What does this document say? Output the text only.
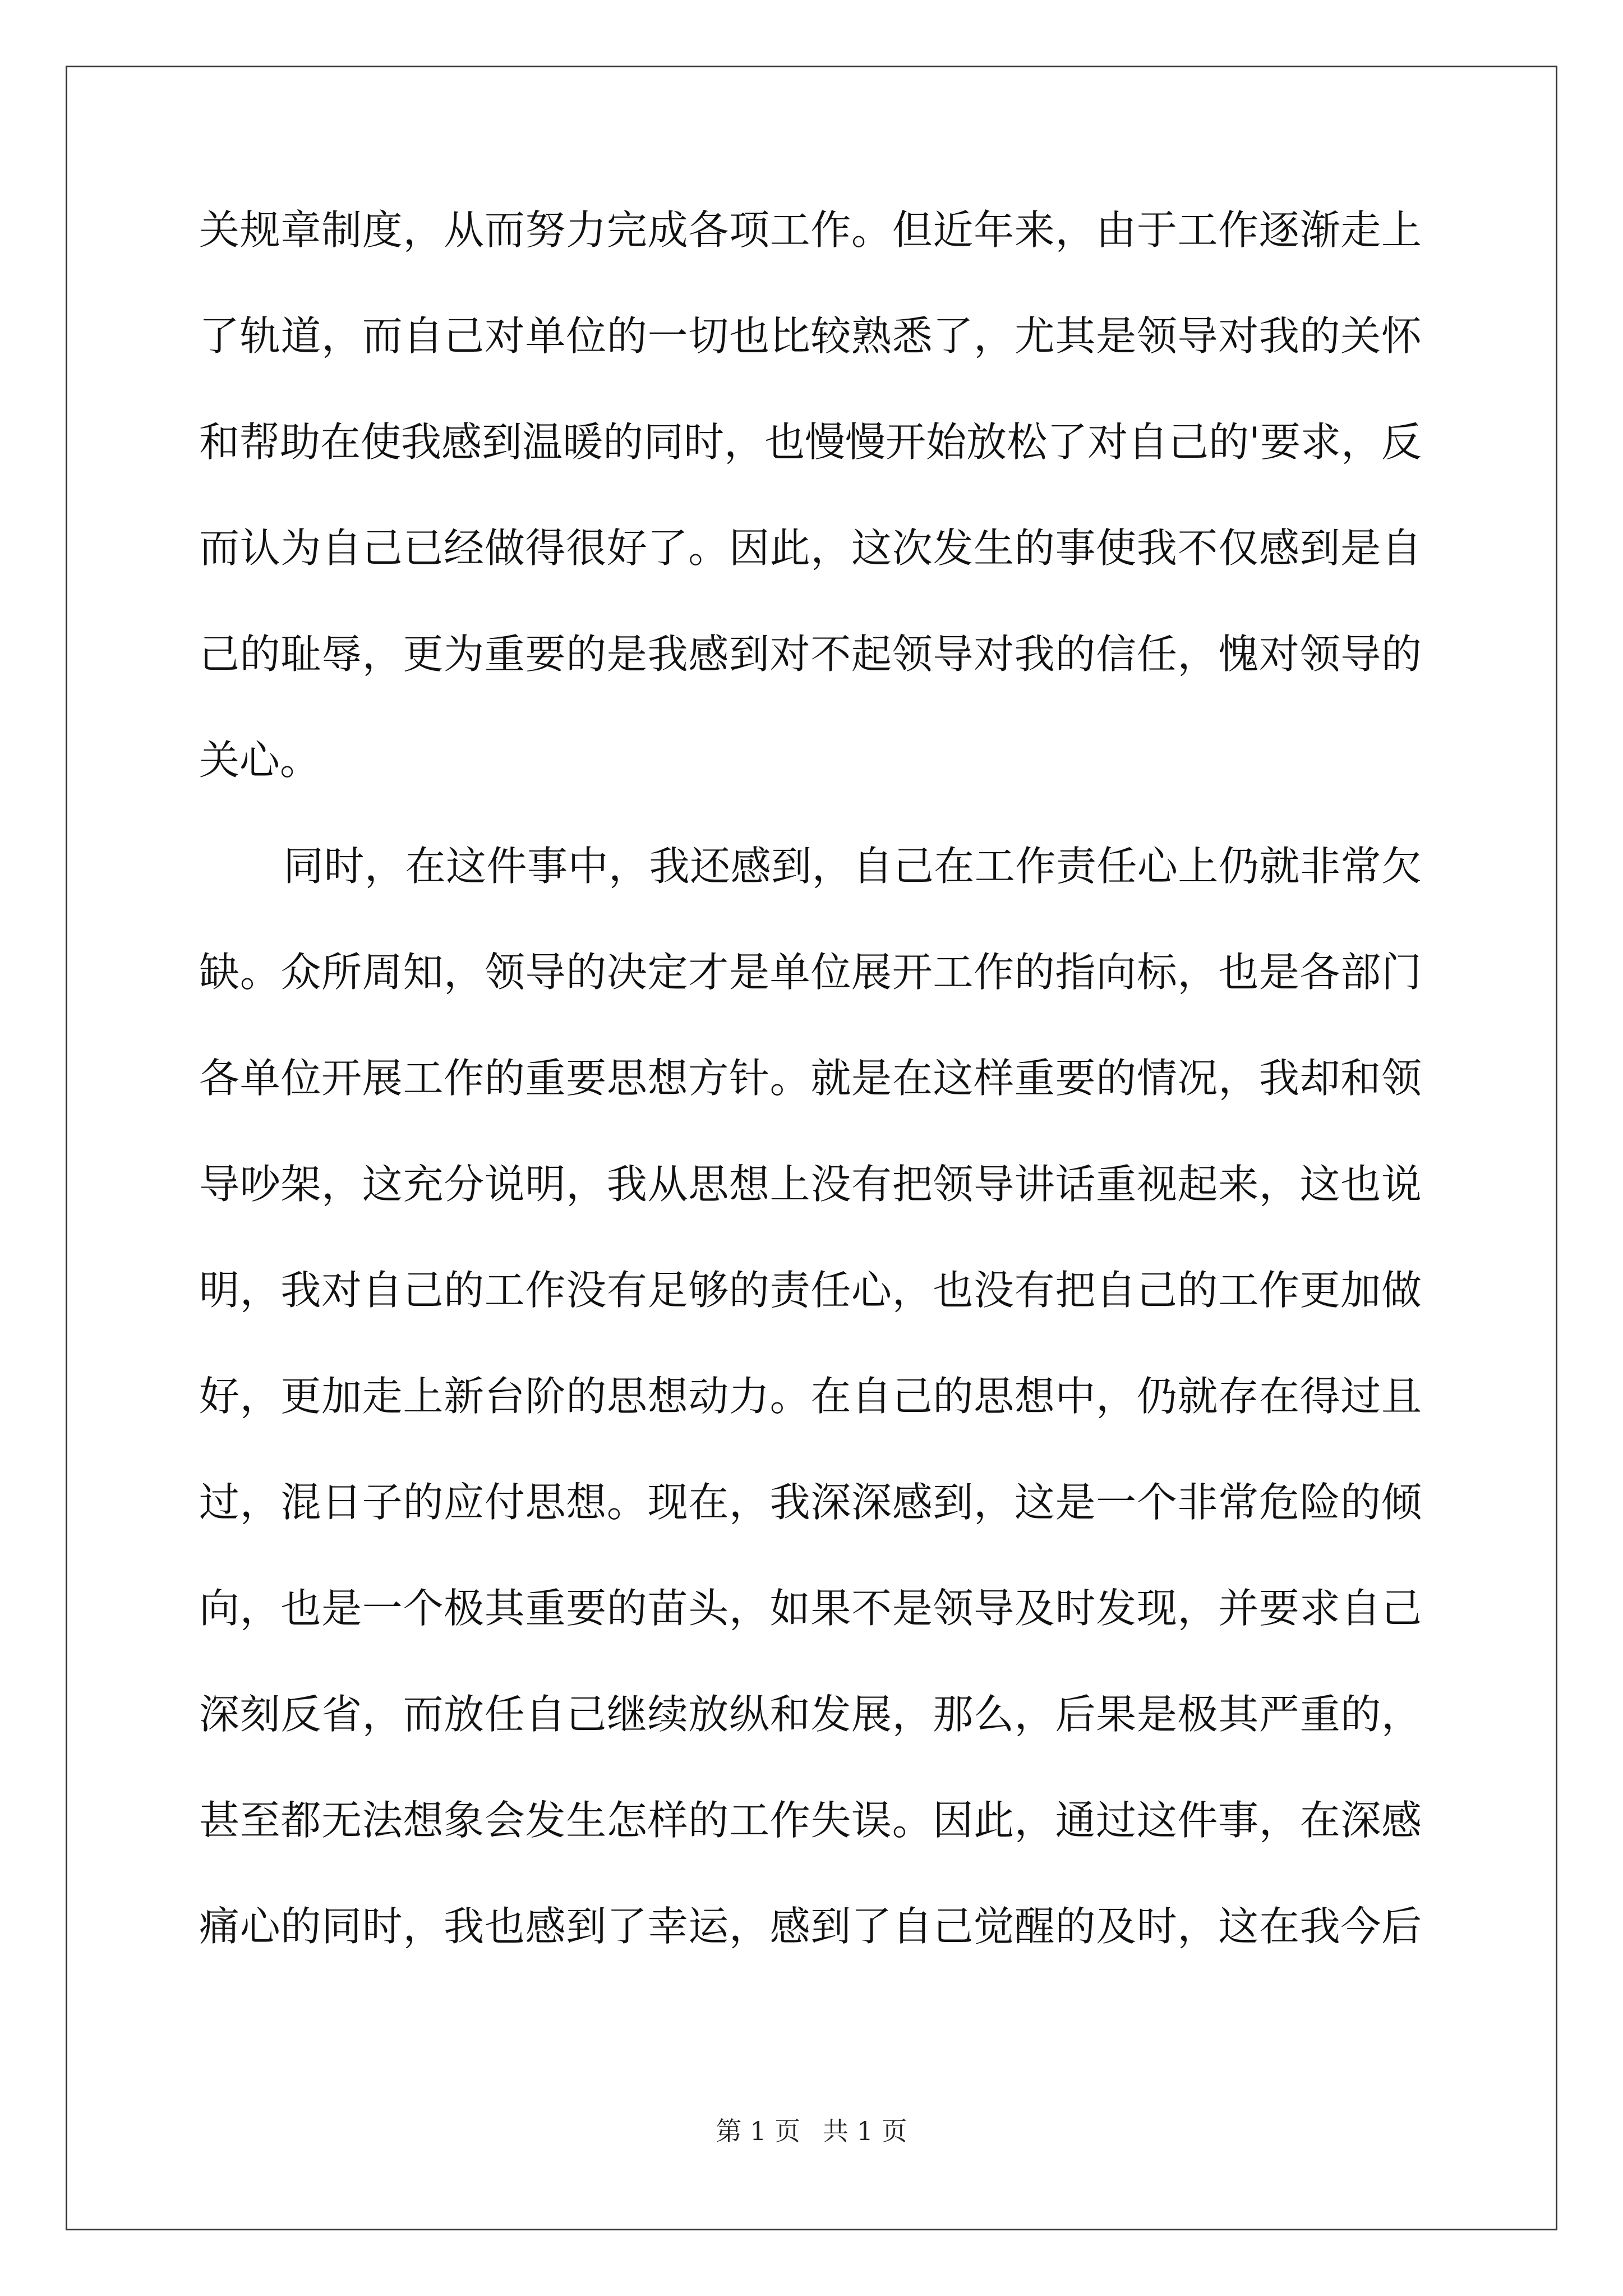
关规章制度，从而努力完成各项工作。但近年来，由于工作逐渐走上
了轨道，而自己对单位的一切也比较熟悉了，尤其是领导对我的关怀
和帮助在使我感到温暖的同时，也慢慢开始放松了对自己的'要求，反
而认为自己已经做得很好了。因此，这次发生的事使我不仅感到是自
己的耻辱，更为重要的是我感到对不起领导对我的信任，愧对领导的
关心。
同时，在这件事中，我还感到，自己在工作责任心上仍就非常欠
缺。众所周知，领导的决定才是单位展开工作的指向标，也是各部门
各单位开展工作的重要思想方针。就是在这样重要的情况，我却和领
导吵架，这充分说明，我从思想上没有把领导讲话重视起来，这也说
明，我对自己的工作没有足够的责任心，也没有把自己的工作更加做
好，更加走上新台阶的思想动力。在自己的思想中，仍就存在得过且
过，混日子的应付思想。现在，我深深感到，这是一个非常危险的倾
向，也是一个极其重要的苗头，如果不是领导及时发现，并要求自己
深刻反省，而放任自己继续放纵和发展，那么，后果是极其严重的，
甚至都无法想象会发生怎样的工作失误。因此，通过这件事，在深感
痛心的同时，我也感到了幸运，感到了自己觉醒的及时，这在我今后
第 1 页 共 1 页
